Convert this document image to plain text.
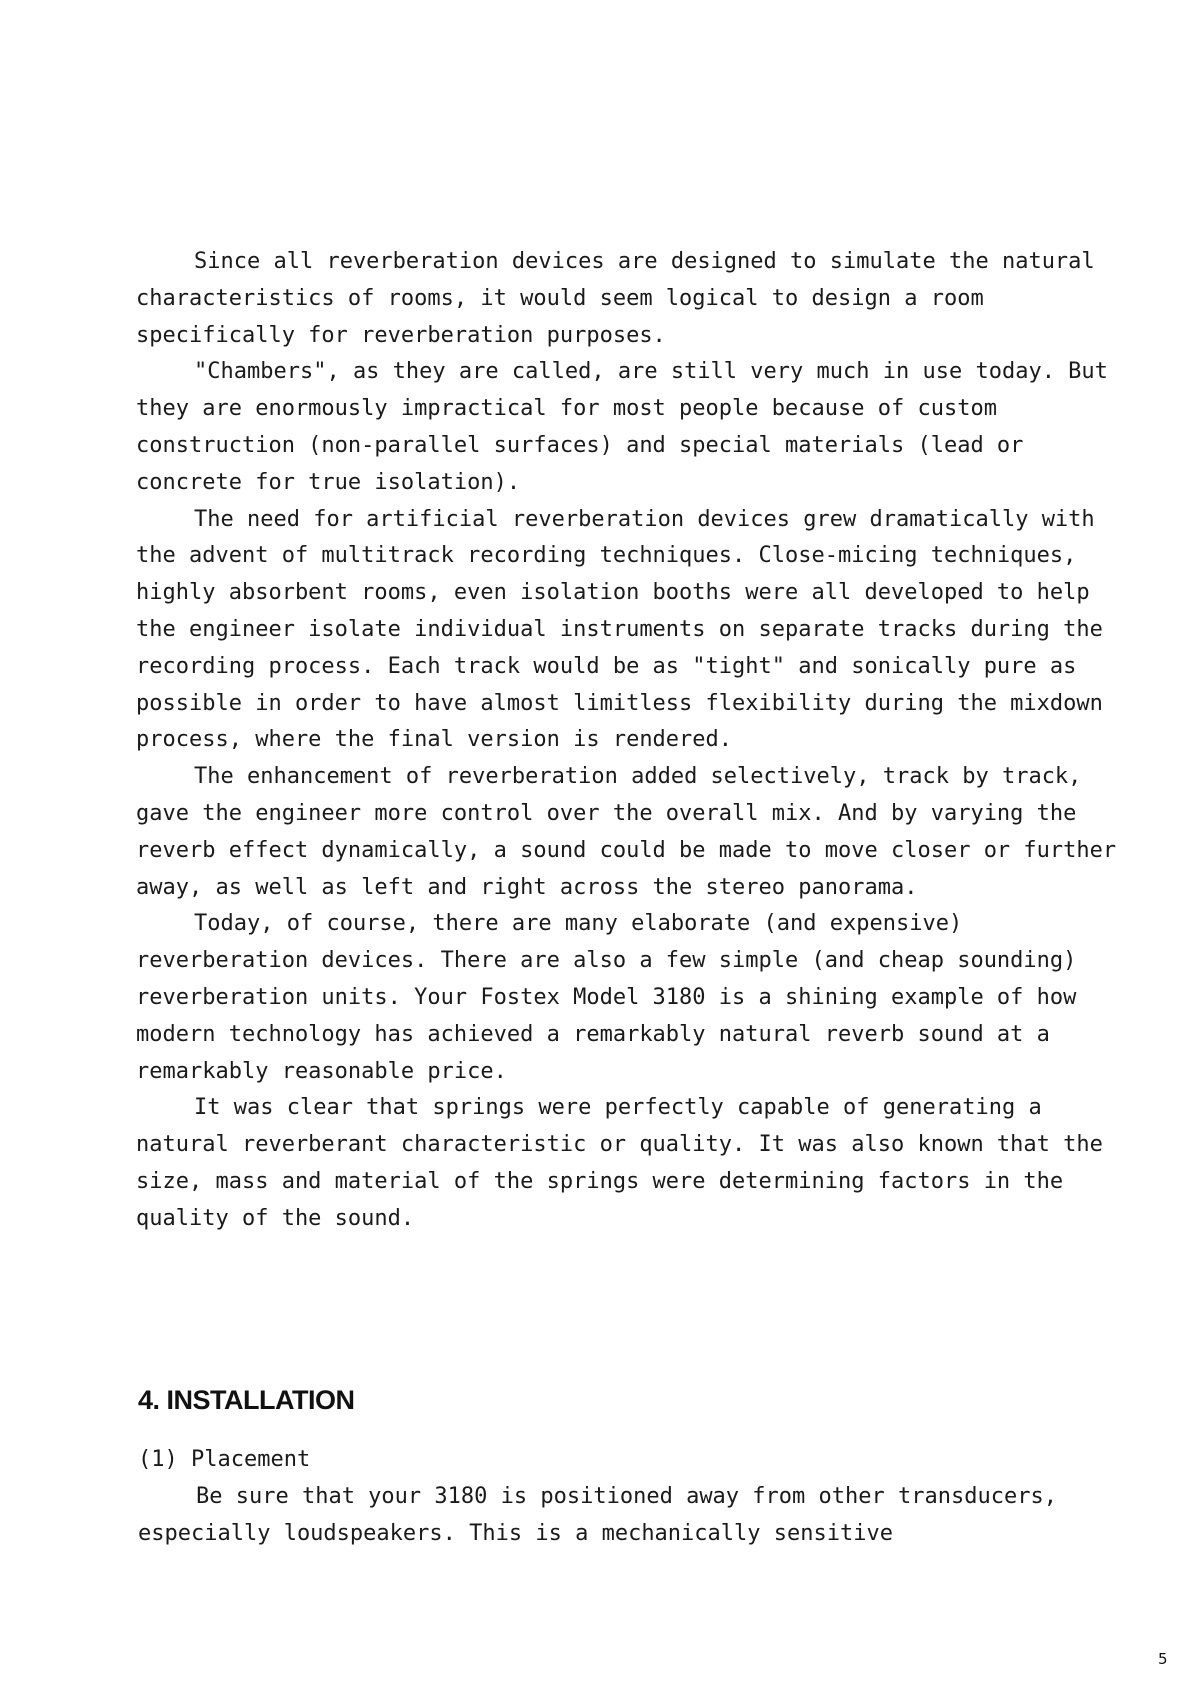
Since all reverberation devices are designed to simulate the natural characteristics of rooms, it would seem logical to design a room specifically for reverberation purposes.

"Chambers", as they are called, are still very much in use today. But they are enormously impractical for most people because of custom construction (non-parallel surfaces) and special materials (lead or concrete for true isolation).

The need for artificial reverberation devices grew dramatically with the advent of multitrack recording techniques. Close-micing techniques, highly absorbent rooms, even isolation booths were all developed to help the engineer isolate individual instruments on separate tracks during the recording process. Each track would be as "tight" and sonically pure as possible in order to have almost limitless flexibility during the mixdown process, where the final version is rendered.

The enhancement of reverberation added selectively, track by track, gave the engineer more control over the overall mix. And by varying the reverb effect dynamically, a sound could be made to move closer or further away, as well as left and right across the stereo panorama.

Today, of course, there are many elaborate (and expensive) reverberation devices. There are also a few simple (and cheap sounding) reverberation units. Your Fostex Model 3180 is a shining example of how modern technology has achieved a remarkably natural reverb sound at a remarkably reasonable price.

It was clear that springs were perfectly capable of generating a natural reverberant characteristic or quality. It was also known that the size, mass and material of the springs were determining factors in the quality of the sound.

4. INSTALLATION
(1) Placement

Be sure that your 3180 is positioned away from other transducers, especially loudspeakers. This is a mechanically sensitive

5
